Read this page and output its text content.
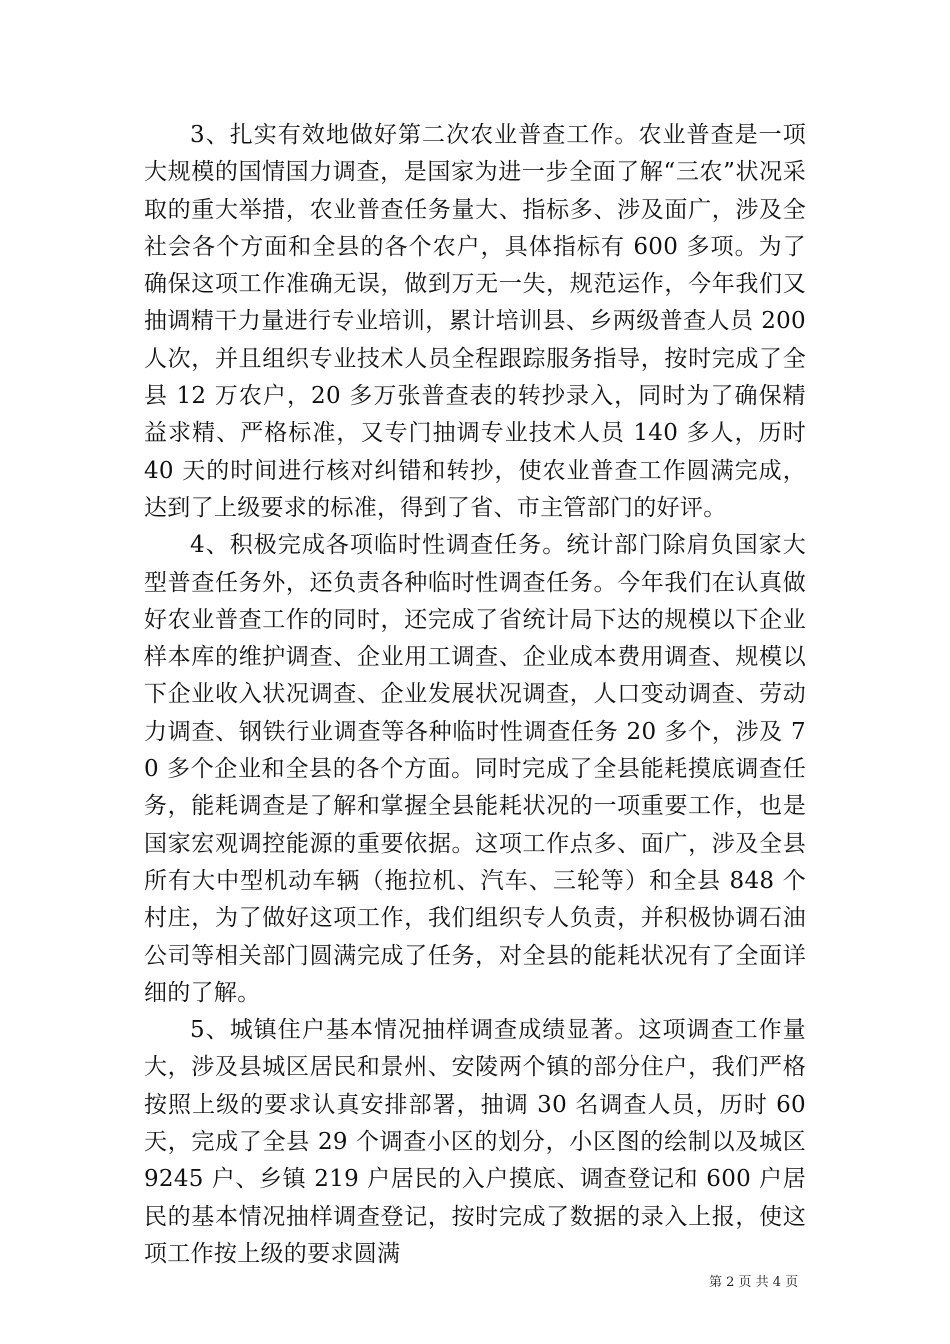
3、扎实有效地做好第二次农业普查工作。农业普查是一项大规模的国情国力调查，是国家为进一步全面了解“三农”状况采取的重大举措，农业普查任务量大、指标多、涉及面广，涉及全社会各个方面和全县的各个农户，具体指标有 600 多项。为了确保这项工作准确无误，做到万无一失，规范运作，今年我们又抽调精干力量进行专业培训，累计培训县、乡两级普查人员 200 人次，并且组织专业技术人员全程跟踪服务指导，按时完成了全县 12 万农户，20 多万张普查表的转抄录入，同时为了确保精益求精、严格标准，又专门抽调专业技术人员 140 多人，历时 40 天的时间进行核对纠错和转抄，使农业普查工作圆满完成，达到了上级要求的标准，得到了省、市主管部门的好评。

4、积极完成各项临时性调查任务。统计部门除肩负国家大型普查任务外，还负责各种临时性调查任务。今年我们在认真做好农业普查工作的同时，还完成了省统计局下达的规模以下企业样本库的维护调查、企业用工调查、企业成本费用调查、规模以下企业收入状况调查、企业发展状况调查，人口变动调查、劳动力调查、钢铁行业调查等各种临时性调查任务 20 多个，涉及 70 多个企业和全县的各个方面。同时完成了全县能耗摸底调查任务，能耗调查是了解和掌握全县能耗状况的一项重要工作，也是国家宏观调控能源的重要依据。这项工作点多、面广，涉及全县所有大中型机动车辆（拖拉机、汽车、三轮等）和全县 848 个村庄，为了做好这项工作，我们组织专人负责，并积极协调石油公司等相关部门圆满完成了任务，对全县的能耗状况有了全面详细的了解。

5、城镇住户基本情况抽样调查成绩显著。这项调查工作量大，涉及县城区居民和景州、安陵两个镇的部分住户，我们严格按照上级的要求认真安排部署，抽调 30 名调查人员，历时 60 天，完成了全县 29 个调查小区的划分，小区图的绘制以及城区 9245 户、乡镇 219 户居民的入户摸底、调查登记和 600 户居民的基本情况抽样调查登记，按时完成了数据的录入上报，使这项工作按上级的要求圆满

第 2 页 共 4 页
